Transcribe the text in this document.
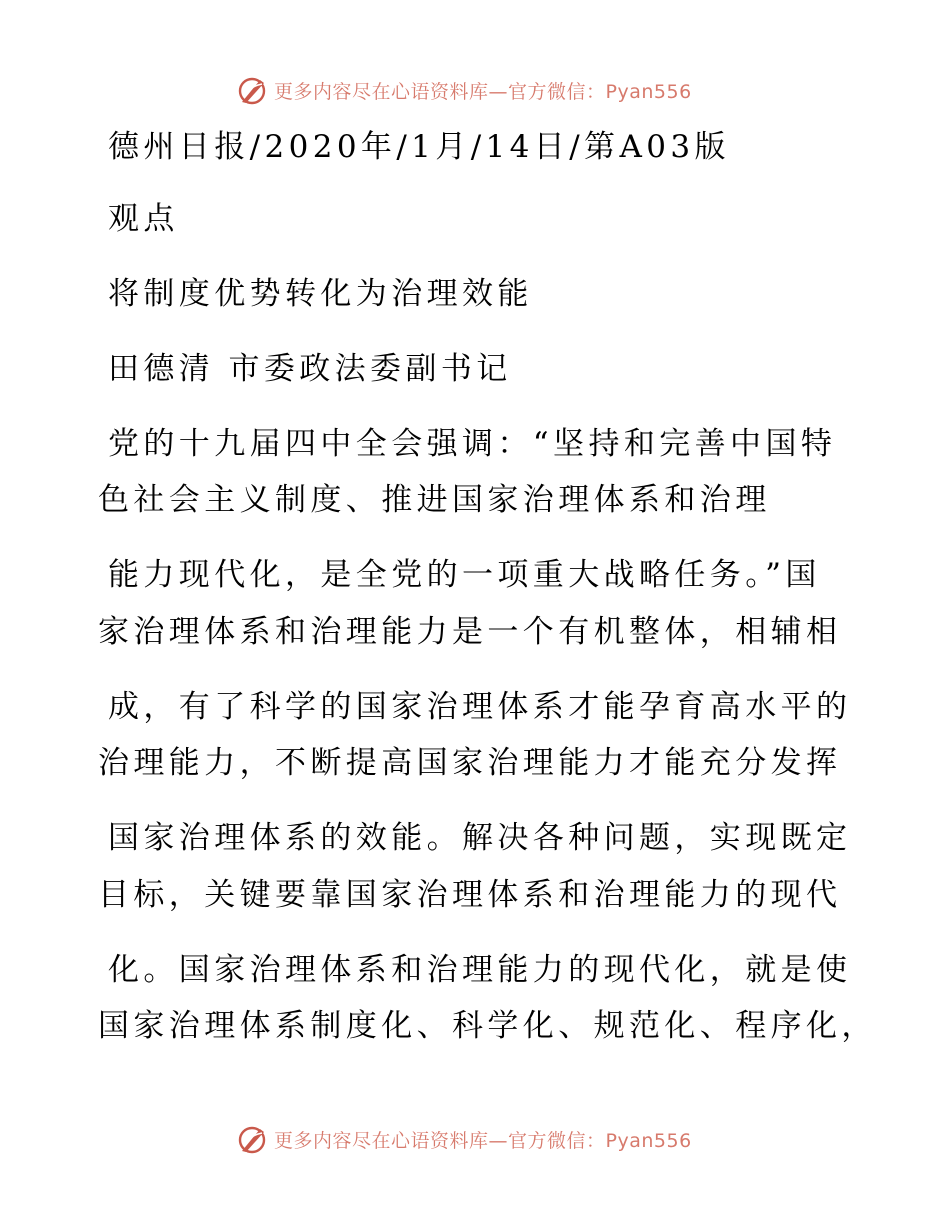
更多内容尽在心语资料库—官方微信：Pyan556
德州日报/2020年/1月/14日/第A03版
观点
将制度优势转化为治理效能
田德清 市委政法委副书记
党的十九届四中全会强调：“坚持和完善中国特
色社会主义制度、推进国家治理体系和治理
能力现代化，是全党的一项重大战略任务。”国
家治理体系和治理能力是一个有机整体，相辅相
成，有了科学的国家治理体系才能孕育高水平的
治理能力，不断提高国家治理能力才能充分发挥
国家治理体系的效能。解决各种问题，实现既定
目标，关键要靠国家治理体系和治理能力的现代
化。国家治理体系和治理能力的现代化，就是使
国家治理体系制度化、科学化、规范化、程序化，
更多内容尽在心语资料库—官方微信：Pyan556
